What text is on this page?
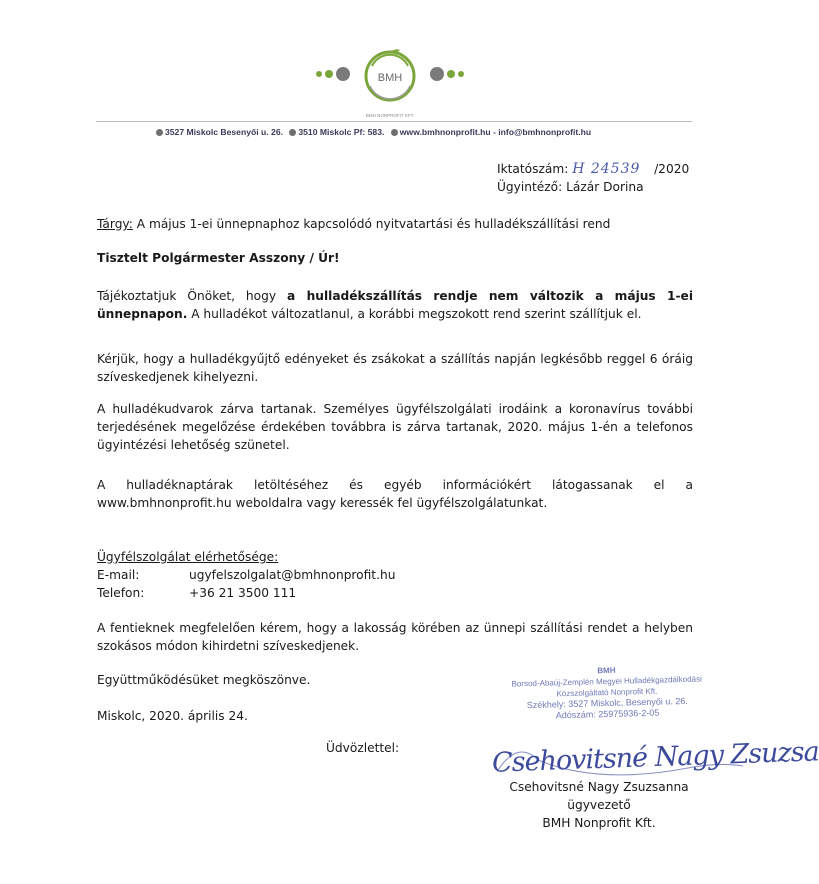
BMH
BMH NONPROFIT KFT.
3527 Miskolc Besenyői u. 26. 3510 Miskolc Pf: 583. www.bmhnonprofit.hu - info@bmhnonprofit.hu
Iktatószám: H 24539 /2020
Ügyintéző: Lázár Dorina
Tárgy: A május 1-ei ünnepnaphoz kapcsolódó nyitvatartási és hulladékszállítási rend
Tisztelt Polgármester Asszony / Úr!
Tájékoztatjuk Önöket, hogy a hulladékszállítás rendje nem változik a május 1-ei ünnepnapon. A hulladékot változatlanul, a korábbi megszokott rend szerint szállítjuk el.
Kérjük, hogy a hulladékgyűjtő edényeket és zsákokat a szállítás napján legkésőbb reggel 6 óráig szíveskedjenek kihelyezni.
A hulladékudvarok zárva tartanak. Személyes ügyfélszolgálati irodáink a koronavírus további terjedésének megelőzése érdekében továbbra is zárva tartanak, 2020. május 1-én a telefonos ügyintézési lehetőség szünetel.
A hulladéknaptárak letöltéséhez és egyéb információkért látogassanak el a www.bmhnonprofit.hu weboldalra vagy keressék fel ügyfélszolgálatunkat.
Ügyfélszolgálat elérhetősége:
E-mail:	ugyfelszolgalat@bmhnonprofit.hu
Telefon:	+36 21 3500 111
A fentieknek megfelelően kérem, hogy a lakosság körében az ünnepi szállítási rendet a helyben szokásos módon kihirdetni szíveskedjenek.
Együttműködésüket megköszönve.
Miskolc, 2020. április 24.
Üdvözlettel:
BMH
Borsod-Abaúj-Zemplén Megyei Hulladékgazdálkodási
Közszolgáltató Nonprofit Kft.
Székhely: 3527 Miskolc, Besenyői u. 26.
Adószám: 25975936-2-05
Csehovitsné Nagy Zsuzsa
Csehovitsné Nagy Zsuzsanna
ügyvezető
BMH Nonprofit Kft.
